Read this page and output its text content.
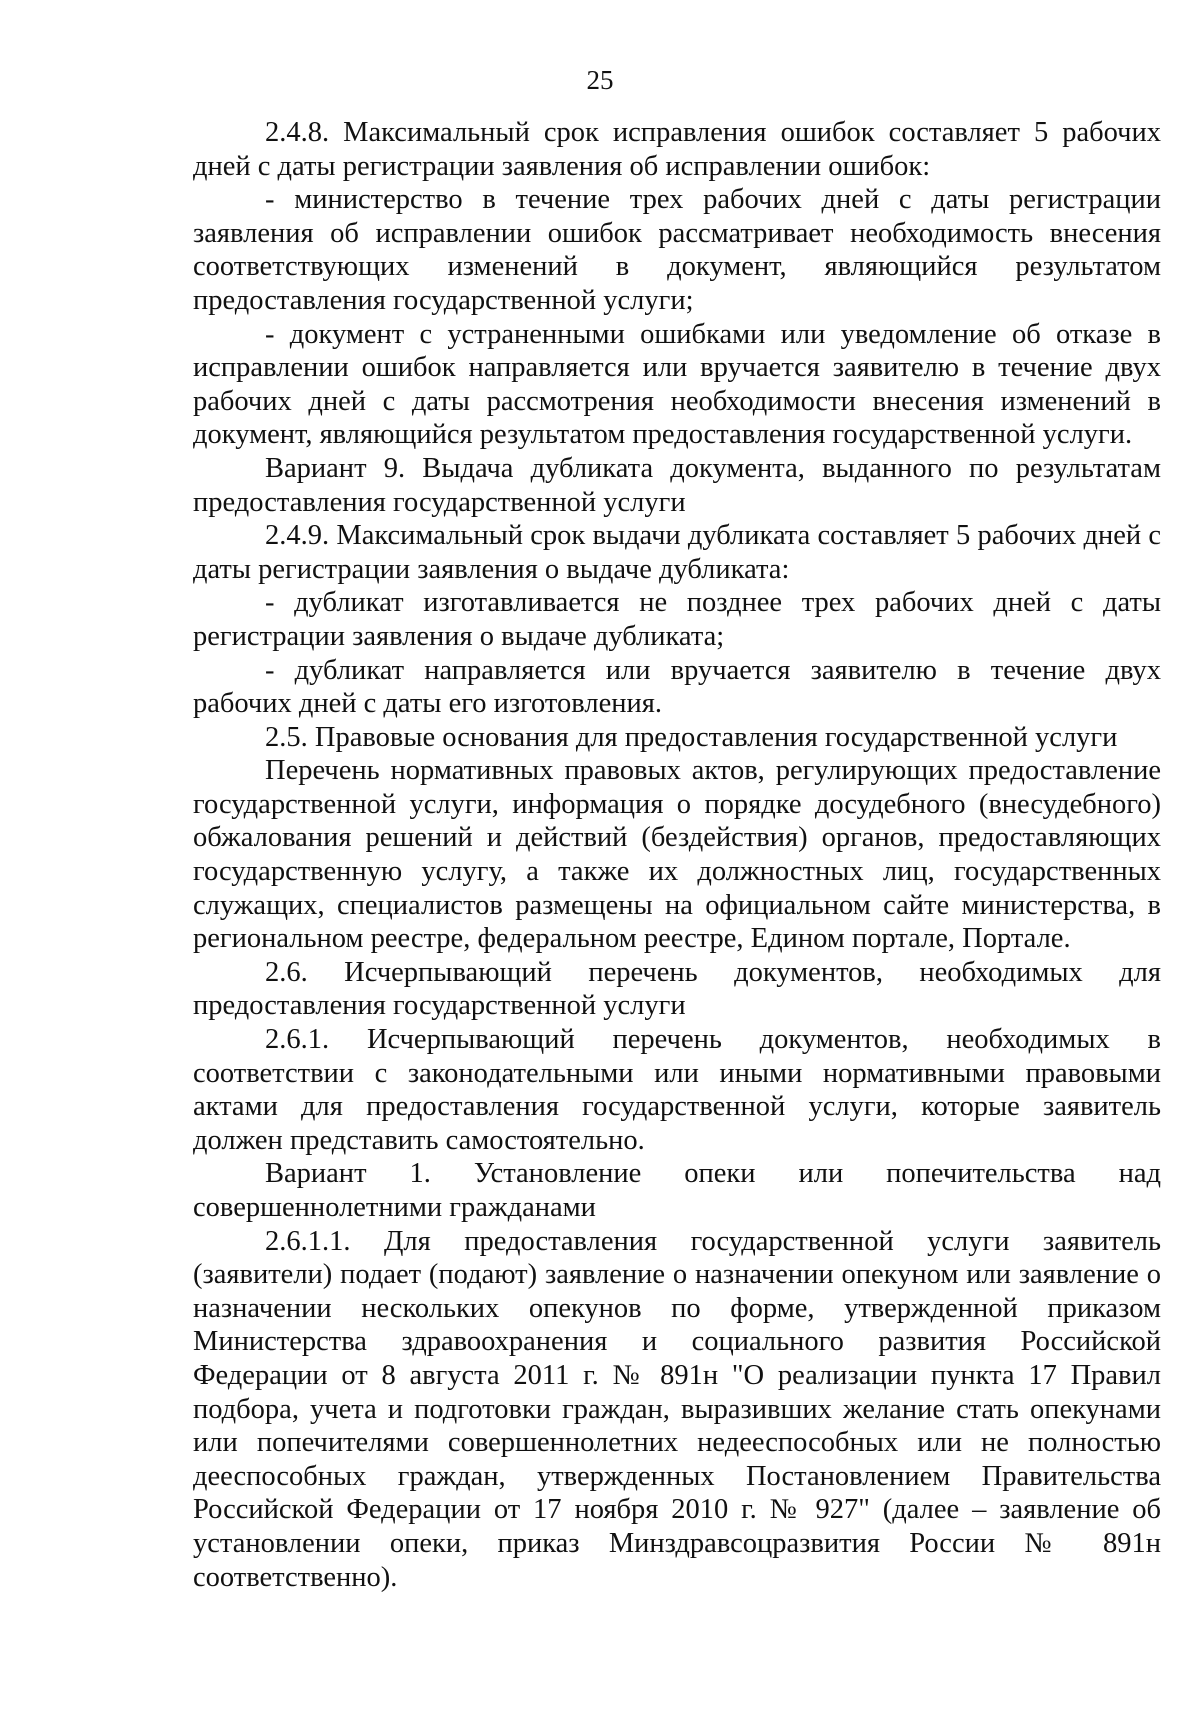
25

2.4.8. Максимальный срок исправления ошибок составляет 5 рабочих дней с даты регистрации заявления об исправлении ошибок:

- министерство в течение трех рабочих дней с даты регистрации заявления об исправлении ошибок рассматривает необходимость внесения соответствующих изменений в документ, являющийся результатом предоставления государственной услуги;

- документ с устраненными ошибками или уведомление об отказе в исправлении ошибок направляется или вручается заявителю в течение двух рабочих дней с даты рассмотрения необходимости внесения изменений в документ, являющийся результатом предоставления государственной услуги.

Вариант 9. Выдача дубликата документа, выданного по результатам предоставления государственной услуги

2.4.9. Максимальный срок выдачи дубликата составляет 5 рабочих дней с даты регистрации заявления о выдаче дубликата:

- дубликат изготавливается не позднее трех рабочих дней с даты регистрации заявления о выдаче дубликата;

- дубликат направляется или вручается заявителю в течение двух рабочих дней с даты его изготовления.

2.5. Правовые основания для предоставления государственной услуги

Перечень нормативных правовых актов, регулирующих предоставление государственной услуги, информация о порядке досудебного (внесудебного) обжалования решений и действий (бездействия) органов, предоставляющих государственную услугу, а также их должностных лиц, государственных служащих, специалистов размещены на официальном сайте министерства, в региональном реестре, федеральном реестре, Едином портале, Портале.

2.6. Исчерпывающий перечень документов, необходимых для предоставления государственной услуги

2.6.1. Исчерпывающий перечень документов, необходимых в соответствии с законодательными или иными нормативными правовыми актами для предоставления государственной услуги, которые заявитель должен представить самостоятельно.

Вариант 1. Установление опеки или попечительства над совершеннолетними гражданами

2.6.1.1. Для предоставления государственной услуги заявитель (заявители) подает (подают) заявление о назначении опекуном или заявление о назначении нескольких опекунов по форме, утвержденной приказом Министерства здравоохранения и социального развития Российской Федерации от 8 августа 2011 г. № 891н "О реализации пункта 17 Правил подбора, учета и подготовки граждан, выразивших желание стать опекунами или попечителями совершеннолетних недееспособных или не полностью дееспособных граждан, утвержденных Постановлением Правительства Российской Федерации от 17 ноября 2010 г. № 927" (далее – заявление об установлении опеки, приказ Минздравсоцразвития России № 891н соответственно).
